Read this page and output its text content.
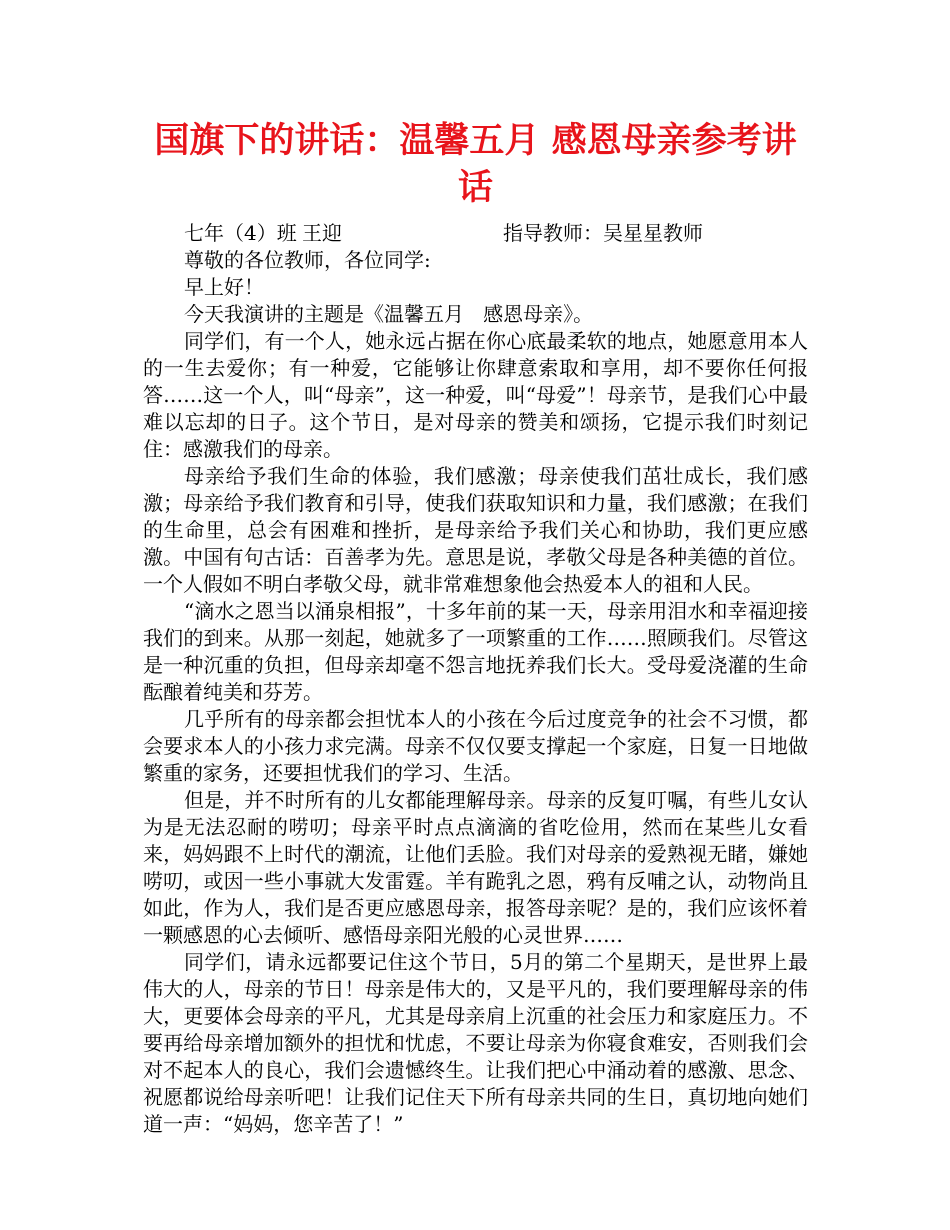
国旗下的讲话：温馨五月 感恩母亲参考讲话

七年（4）班 王迎	指导教师：吴星星教师

尊敬的各位教师，各位同学:

早上好！

今天我演讲的主题是《温馨五月   感恩母亲》。

同学们，有一个人，她永远占据在你心底最柔软的地点，她愿意用本人的一生去爱你；有一种爱，它能够让你肆意索取和享用，却不要你任何报答……这一个人，叫“母亲”，这一种爱，叫“母爱”！母亲节，是我们心中最难以忘却的日子。这个节日，是对母亲的赞美和颂扬，它提示我们时刻记住：感激我们的母亲。

母亲给予我们生命的体验，我们感激；母亲使我们茁壮成长，我们感激；母亲给予我们教育和引导，使我们获取知识和力量，我们感激；在我们的生命里，总会有困难和挫折，是母亲给予我们关心和协助，我们更应感激。中国有句古话：百善孝为先。意思是说，孝敬父母是各种美德的首位。一个人假如不明白孝敬父母，就非常难想象他会热爱本人的祖和人民。

“滴水之恩当以涌泉相报”，十多年前的某一天，母亲用泪水和幸福迎接我们的到来。从那一刻起，她就多了一项繁重的工作……照顾我们。尽管这是一种沉重的负担，但母亲却毫不怨言地抚养我们长大。受母爱浇灌的生命酝酿着纯美和芬芳。

几乎所有的母亲都会担忧本人的小孩在今后过度竞争的社会不习惯，都会要求本人的小孩力求完满。母亲不仅仅要支撑起一个家庭，日复一日地做繁重的家务，还要担忧我们的学习、生活。

但是，并不时所有的儿女都能理解母亲。母亲的反复叮嘱，有些儿女认为是无法忍耐的唠叨；母亲平时点点滴滴的省吃俭用，然而在某些儿女看来，妈妈跟不上时代的潮流，让他们丢脸。我们对母亲的爱熟视无睹，嫌她唠叨，或因一些小事就大发雷霆。羊有跪乳之恩，鸦有反哺之认，动物尚且如此，作为人，我们是否更应感恩母亲，报答母亲呢？是的，我们应该怀着一颗感恩的心去倾听、感悟母亲阳光般的心灵世界……

同学们，请永远都要记住这个节日，5月的第二个星期天，是世界上最伟大的人，母亲的节日！母亲是伟大的，又是平凡的，我们要理解母亲的伟大，更要体会母亲的平凡，尤其是母亲肩上沉重的社会压力和家庭压力。不要再给母亲增加额外的担忧和忧虑，不要让母亲为你寝食难安，否则我们会对不起本人的良心，我们会遗憾终生。让我们把心中涌动着的感激、思念、祝愿都说给母亲听吧！让我们记住天下所有母亲共同的生日，真切地向她们道一声：“妈妈，您辛苦了！”
